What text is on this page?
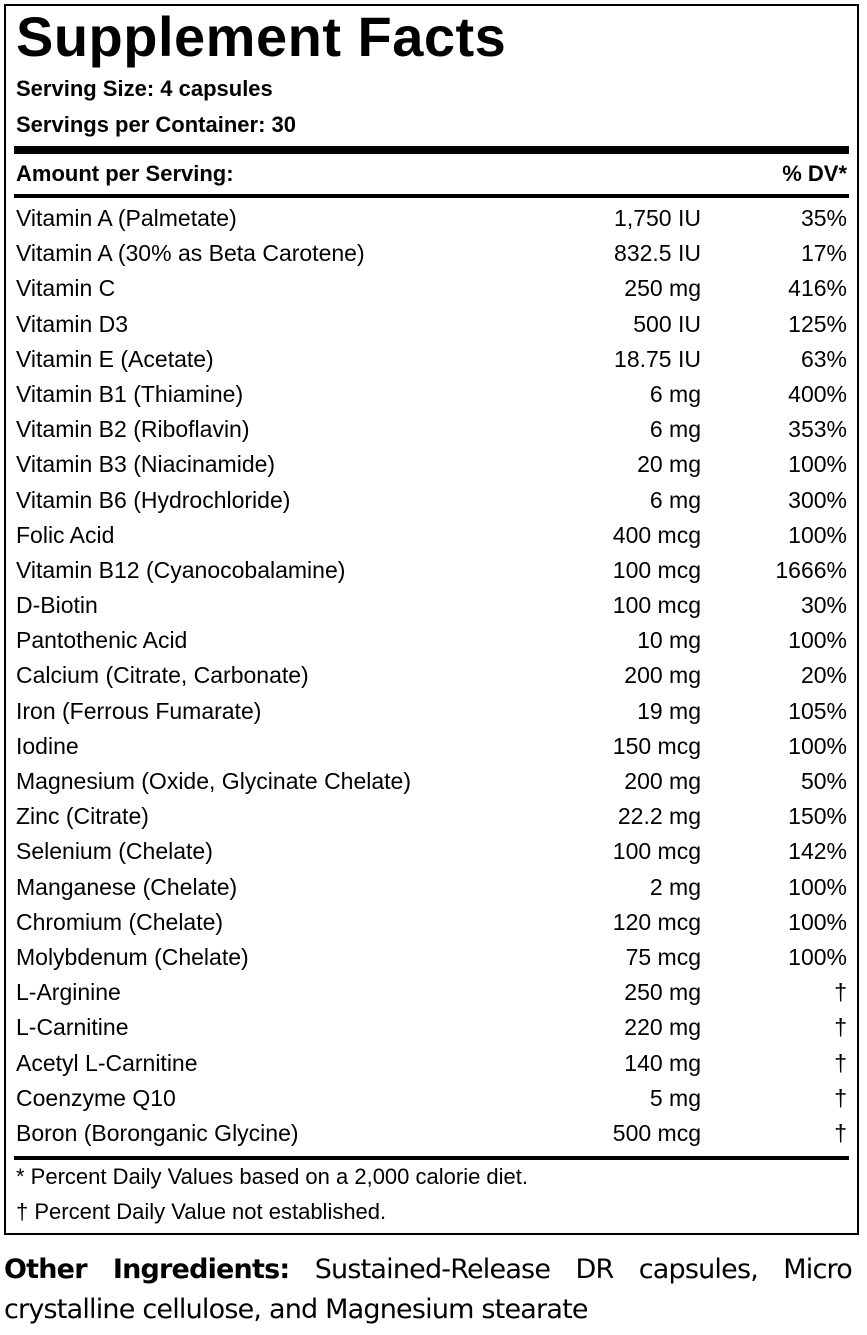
Supplement Facts
Serving Size: 4 capsules
Servings per Container: 30
Amount per Serving:	% DV*
Vitamin A (Palmetate)	1,750 IU	35%
Vitamin A (30% as Beta Carotene)	832.5 IU	17%
Vitamin C	250 mg	416%
Vitamin D3	500 IU	125%
Vitamin E (Acetate)	18.75 IU	63%
Vitamin B1 (Thiamine)	6 mg	400%
Vitamin B2 (Riboflavin)	6 mg	353%
Vitamin B3 (Niacinamide)	20 mg	100%
Vitamin B6 (Hydrochloride)	6 mg	300%
Folic Acid	400 mcg	100%
Vitamin B12 (Cyanocobalamine)	100 mcg	1666%
D-Biotin	100 mcg	30%
Pantothenic Acid	10 mg	100%
Calcium (Citrate, Carbonate)	200 mg	20%
Iron (Ferrous Fumarate)	19 mg	105%
Iodine	150 mcg	100%
Magnesium (Oxide, Glycinate Chelate)	200 mg	50%
Zinc (Citrate)	22.2 mg	150%
Selenium (Chelate)	100 mcg	142%
Manganese (Chelate)	2 mg	100%
Chromium (Chelate)	120 mcg	100%
Molybdenum (Chelate)	75 mcg	100%
L-Arginine	250 mg	†
L-Carnitine	220 mg	†
Acetyl L-Carnitine	140 mg	†
Coenzyme Q10	5 mg	†
Boron (Boronganic Glycine)	500 mcg	†
* Percent Daily Values based on a 2,000 calorie diet.
† Percent Daily Value not established.
Other Ingredients: Sustained-Release DR capsules, Micro crystalline cellulose, and Magnesium stearate
